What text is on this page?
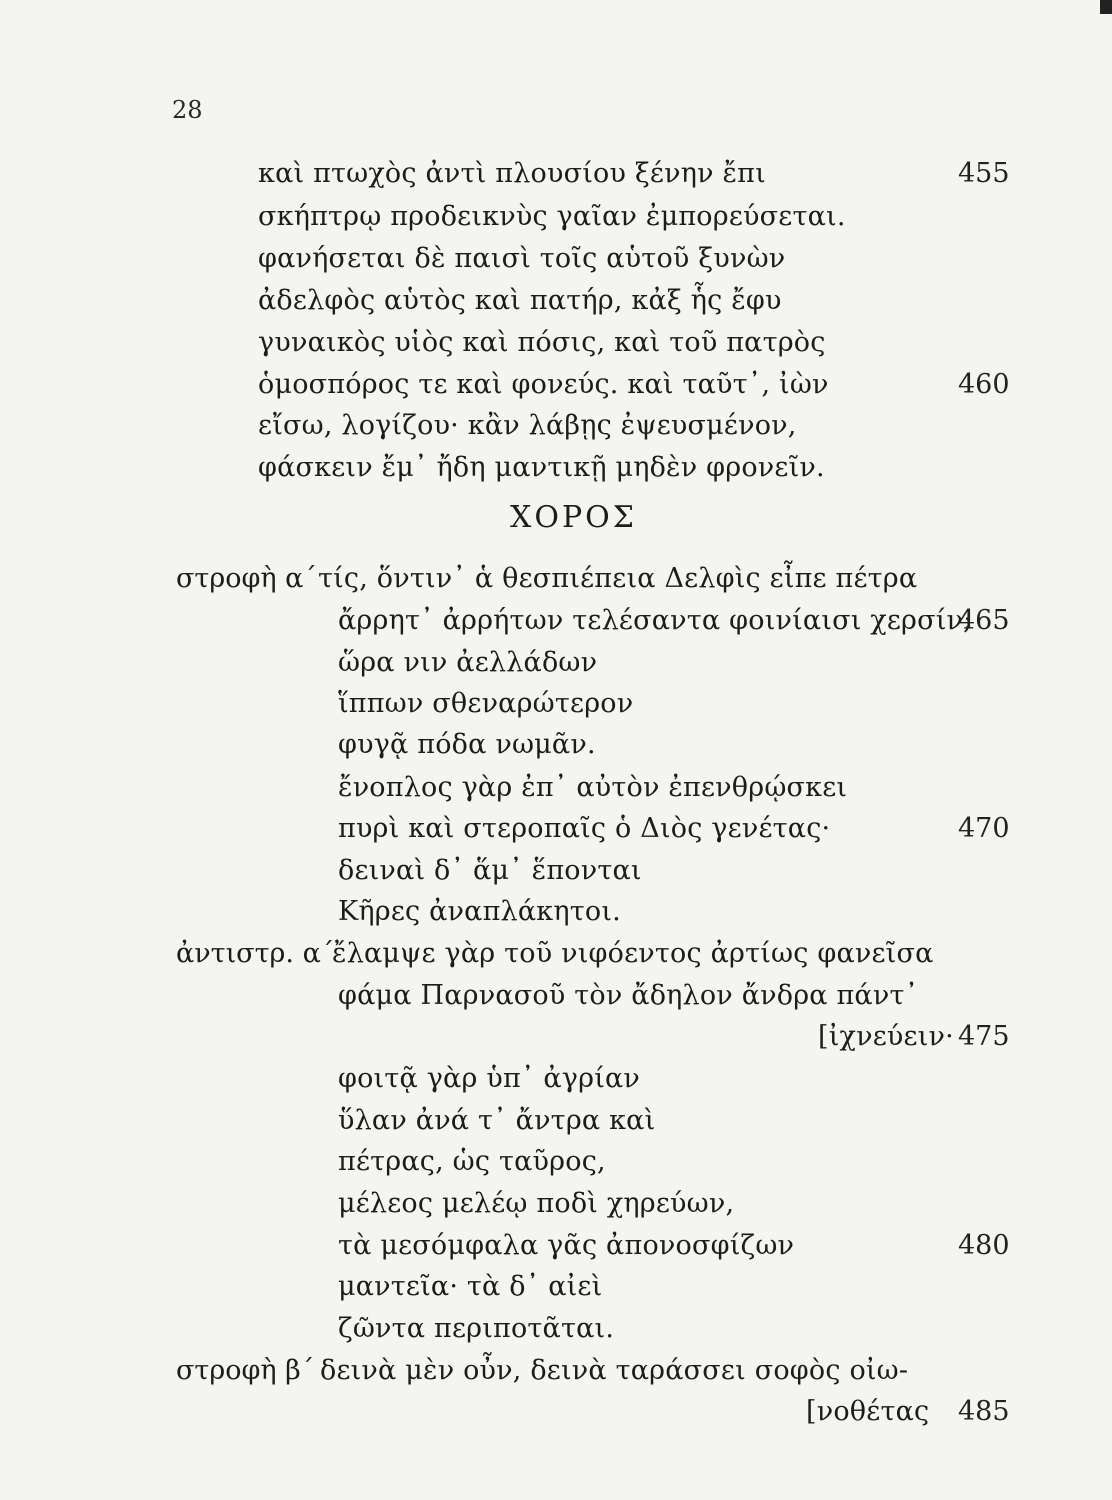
28
καὶ πτωχὸς ἀντὶ πλουσίου ξένην ἔπι
σκήπτρῳ προδεικνὺς γαῖαν ἐμπορεύσεται.
φανήσεται δὲ παισὶ τοῖς αὑτοῦ ξυνὼν
ἀδελφὸς αὑτὸς καὶ πατήρ, κἀξ ἧς ἔφυ
γυναικὸς υἱὸς καὶ πόσις, καὶ τοῦ πατρὸς
ὁμοσπόρος τε καὶ φονεύς. καὶ ταῦτ᾽, ἰὼν
εἴσω, λογίζου· κἂν λάβῃς ἐψευσμένον,
φάσκειν ἔμ᾽ ἤδη μαντικῇ μηδὲν φρονεῖν.
ΧΟΡΟΣ
στροφὴ α΄ τίς, ὅντιν᾽ ἁ θεσπιέπεια Δελφὶς εἶπε πέτρα
ἄρρητ᾽ ἀρρήτων τελέσαντα φοινίαισι χερσίν;
ὥρα νιν ἀελλάδων
ἵππων σθεναρώτερον
φυγᾷ πόδα νωμᾶν.
ἔνοπλος γὰρ ἐπ᾽ αὐτὸν ἐπενθρῴσκει
πυρὶ καὶ στεροπαῖς ὁ Διὸς γενέτας·
δειναὶ δ᾽ ἅμ᾽ ἕπονται
Κῆρες ἀναπλάκητοι.
ἀντιστρ. α΄
ἔλαμψε γὰρ τοῦ νιφόεντος ἀρτίως φανεῖσα
φάμα Παρνασοῦ τὸν ἄδηλον ἄνδρα πάντ᾽
[ἰχνεύειν·
φοιτᾷ γὰρ ὑπ᾽ ἀγρίαν
ὕλαν ἀνά τ᾽ ἄντρα καὶ
πέτρας, ὡς ταῦρος,
μέλεος μελέῳ ποδὶ χηρεύων,
τὰ μεσόμφαλα γᾶς ἀπονοσφίζων
μαντεῖα· τὰ δ᾽ αἰεὶ
ζῶντα περιποτᾶται.
στροφὴ β΄ δεινὰ μὲν οὖν, δεινὰ ταράσσει σοφὸς οἰω-
[νοθέτας
455
460
465
470
475
480
485
